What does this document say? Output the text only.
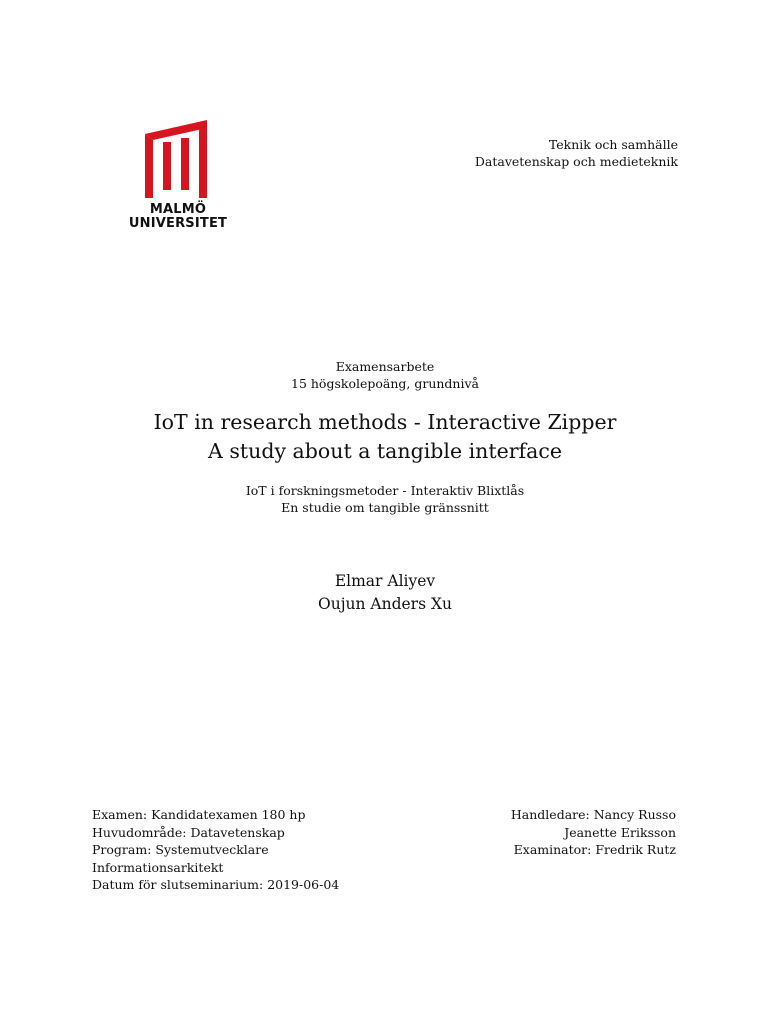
MALMÖ
UNIVERSITET
Teknik och samhälle
Datavetenskap och medieteknik
Examensarbete
15 högskolepoäng, grundnivå
IoT in research methods - Interactive Zipper
A study about a tangible interface
IoT i forskningsmetoder - Interaktiv Blixtlås
En studie om tangible gränssnitt
Elmar Aliyev
Oujun Anders Xu
Examen: Kandidatexamen 180 hp
Huvudområde: Datavetenskap
Program: Systemutvecklare
Informationsarkitekt
Datum för slutseminarium: 2019-06-04
Handledare: Nancy Russo
Jeanette Eriksson
Examinator: Fredrik Rutz
